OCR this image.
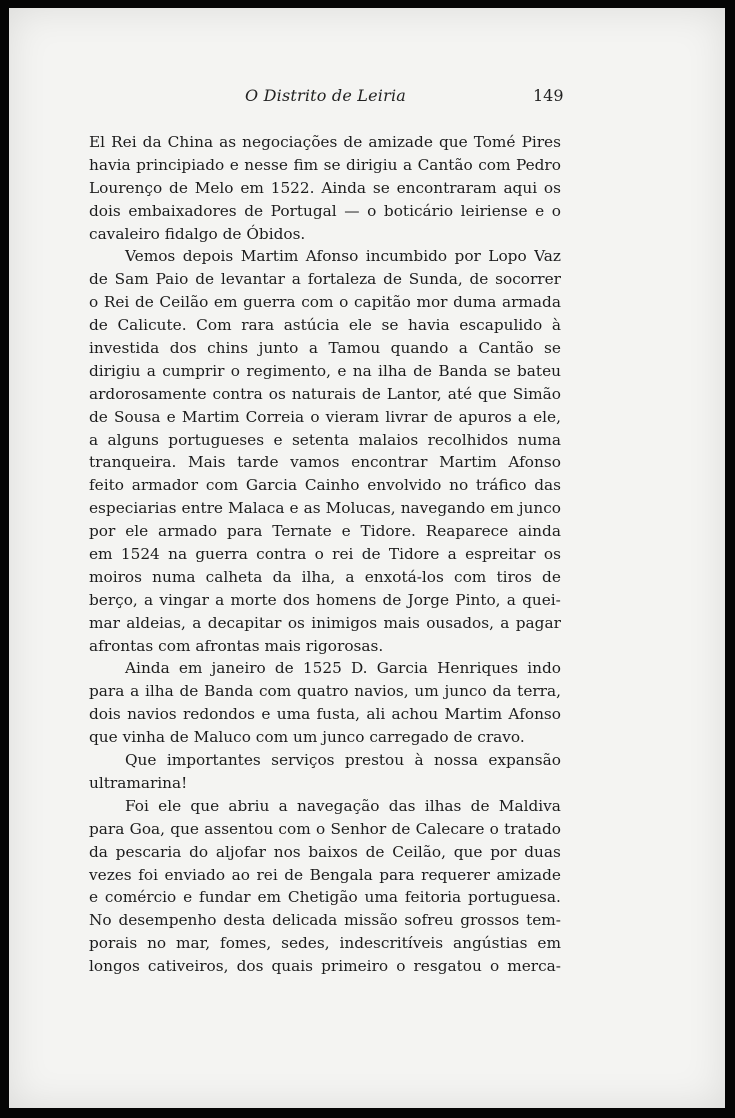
O Distrito de Leiria	149
El Rei da China as negociações de amizade que Tomé Pires
havia principiado e nesse fim se dirigiu a Cantão com Pedro
Lourenço de Melo em 1522. Ainda se encontraram aqui os
dois embaixadores de Portugal — o boticário leiriense e o
cavaleiro fidalgo de Óbidos.
Vemos depois Martim Afonso incumbido por Lopo Vaz
de Sam Paio de levantar a fortaleza de Sunda, de socorrer
o Rei de Ceilão em guerra com o capitão mor duma armada
de Calicute. Com rara astúcia ele se havia escapulido à
investida dos chins junto a Tamou quando a Cantão se
dirigiu a cumprir o regimento, e na ilha de Banda se bateu
ardorosamente contra os naturais de Lantor, até que Simão
de Sousa e Martim Correia o vieram livrar de apuros a ele,
a alguns portugueses e setenta malaios recolhidos numa
tranqueira. Mais tarde vamos encontrar Martim Afonso
feito armador com Garcia Cainho envolvido no tráfico das
especiarias entre Malaca e as Molucas, navegando em junco
por ele armado para Ternate e Tidore. Reaparece ainda
em 1524 na guerra contra o rei de Tidore a espreitar os
moiros numa calheta da ilha, a enxotá-los com tiros de
berço, a vingar a morte dos homens de Jorge Pinto, a quei-
mar aldeias, a decapitar os inimigos mais ousados, a pagar
afrontas com afrontas mais rigorosas.
Ainda em janeiro de 1525 D. Garcia Henriques indo
para a ilha de Banda com quatro navios, um junco da terra,
dois navios redondos e uma fusta, ali achou Martim Afonso
que vinha de Maluco com um junco carregado de cravo.
Que importantes serviços prestou à nossa expansão
ultramarina!
Foi ele que abriu a navegação das ilhas de Maldiva
para Goa, que assentou com o Senhor de Calecare o tratado
da pescaria do aljofar nos baixos de Ceilão, que por duas
vezes foi enviado ao rei de Bengala para requerer amizade
e comércio e fundar em Chetigão uma feitoria portuguesa.
No desempenho desta delicada missão sofreu grossos tem-
porais no mar, fomes, sedes, indescritíveis angústias em
longos cativeiros, dos quais primeiro o resgatou o merca-
